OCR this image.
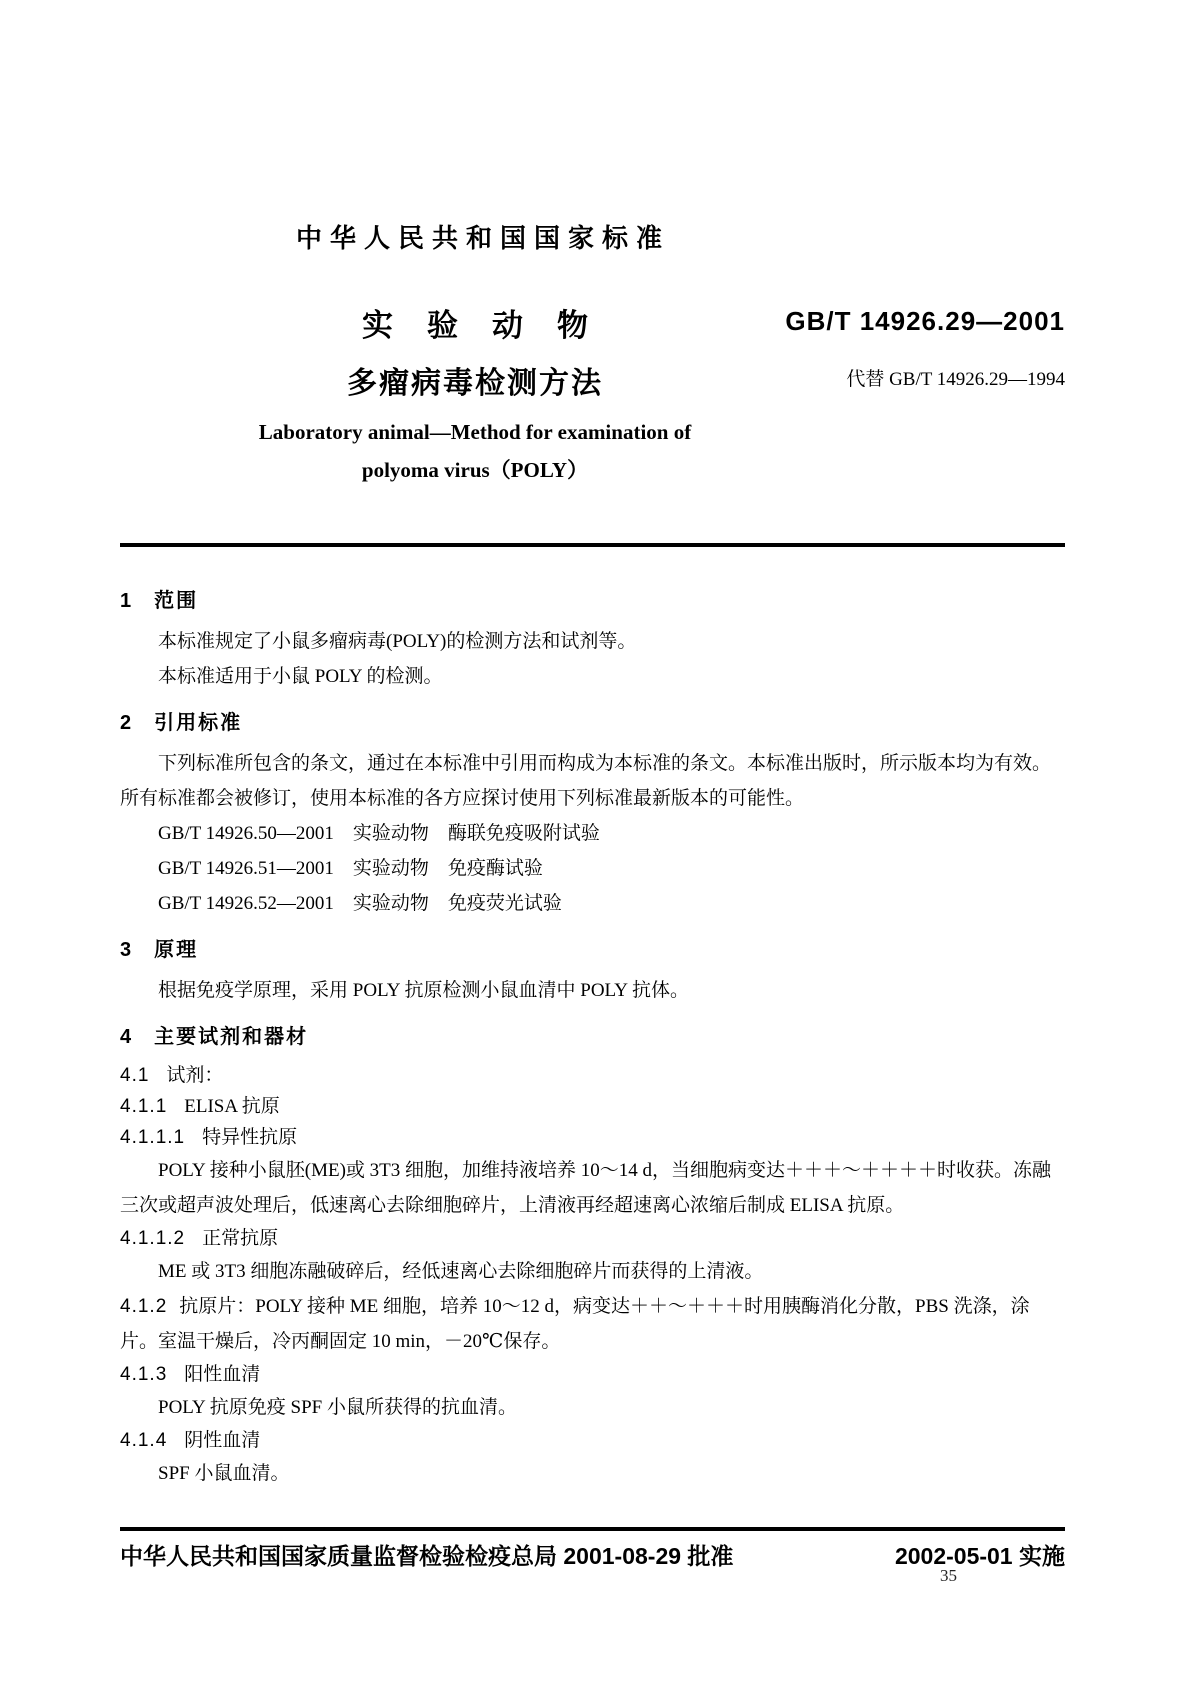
中华人民共和国国家标准
实验动物
多瘤病毒检测方法
Laboratory animal—Method for examination of
polyoma virus（POLY）
GB/T 14926.29—2001
代替 GB/T 14926.29—1994
1 范围

本标准规定了小鼠多瘤病毒(POLY)的检测方法和试剂等。

本标准适用于小鼠 POLY 的检测。

2 引用标准

下列标准所包含的条文，通过在本标准中引用而构成为本标准的条文。本标准出版时，所示版本均为有效。所有标准都会被修订，使用本标准的各方应探讨使用下列标准最新版本的可能性。

GB/T 14926.50—2001　实验动物　酶联免疫吸附试验

GB/T 14926.51—2001　实验动物　免疫酶试验

GB/T 14926.52—2001　实验动物　免疫荧光试验

3 原理

根据免疫学原理，采用 POLY 抗原检测小鼠血清中 POLY 抗体。

4 主要试剂和器材

4.1 试剂：

4.1.1 ELISA 抗原

4.1.1.1 特异性抗原

POLY 接种小鼠胚(ME)或 3T3 细胞，加维持液培养 10～14 d，当细胞病变达＋＋＋～＋＋＋＋时收获。冻融三次或超声波处理后，低速离心去除细胞碎片，上清液再经超速离心浓缩后制成 ELISA 抗原。

4.1.1.2 正常抗原

ME 或 3T3 细胞冻融破碎后，经低速离心去除细胞碎片而获得的上清液。

4.1.2 抗原片：POLY 接种 ME 细胞，培养 10～12 d，病变达＋＋～＋＋＋时用胰酶消化分散，PBS 洗涤，涂片。室温干燥后，冷丙酮固定 10 min，－20℃保存。

4.1.3 阳性血清

POLY 抗原免疫 SPF 小鼠所获得的抗血清。

4.1.4 阴性血清

SPF 小鼠血清。

中华人民共和国国家质量监督检验检疫总局 2001-08-29 批准	2002-05-01 实施
35
